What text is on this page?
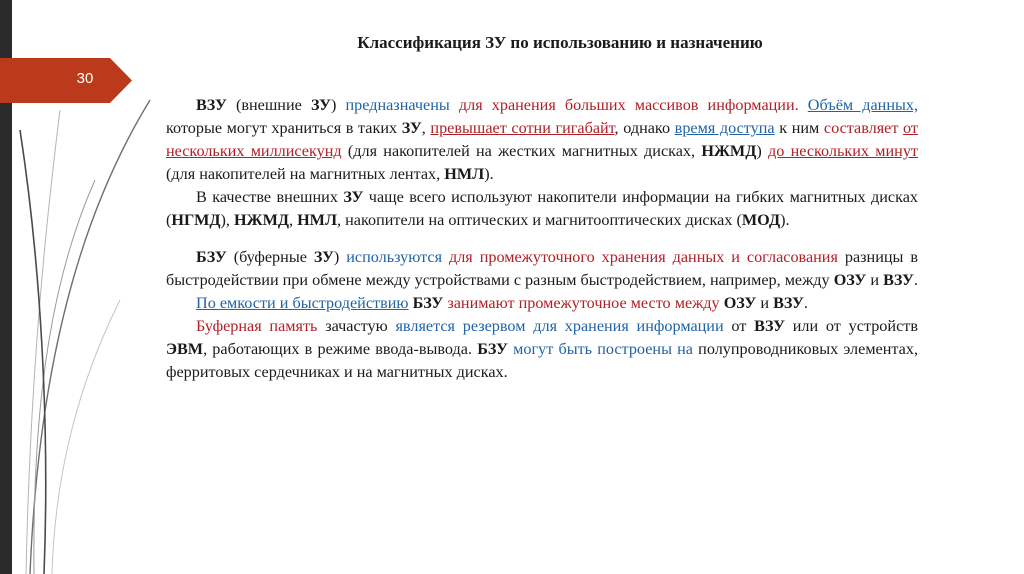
30
Классификация ЗУ по использованию и назначению

ВЗУ (внешние ЗУ) предназначены для хранения больших массивов информации. Объём данных, которые могут храниться в таких ЗУ, превышает сотни гигабайт, однако время доступа к ним составляет от нескольких миллисекунд (для накопителей на жестких магнитных дисках, НЖМД) до нескольких минут (для накопителей на магнитных лентах, НМЛ).

В качестве внешних ЗУ чаще всего используют накопители информации на гибких магнитных дисках (НГМД), НЖМД, НМЛ, накопители на оптических и магнитооптических дисках (МОД).

БЗУ (буферные ЗУ) используются для промежуточного хранения данных и согласования разницы в быстродействии при обмене между устройствами с разным быстродействием, например, между ОЗУ и ВЗУ.

По емкости и быстродействию БЗУ занимают промежуточное место между ОЗУ и ВЗУ.

Буферная память зачастую является резервом для хранения информации от ВЗУ или от устройств ЭВМ, работающих в режиме ввода-вывода. БЗУ могут быть построены на полупроводниковых элементах, ферритовых сердечниках и на магнитных дисках.
